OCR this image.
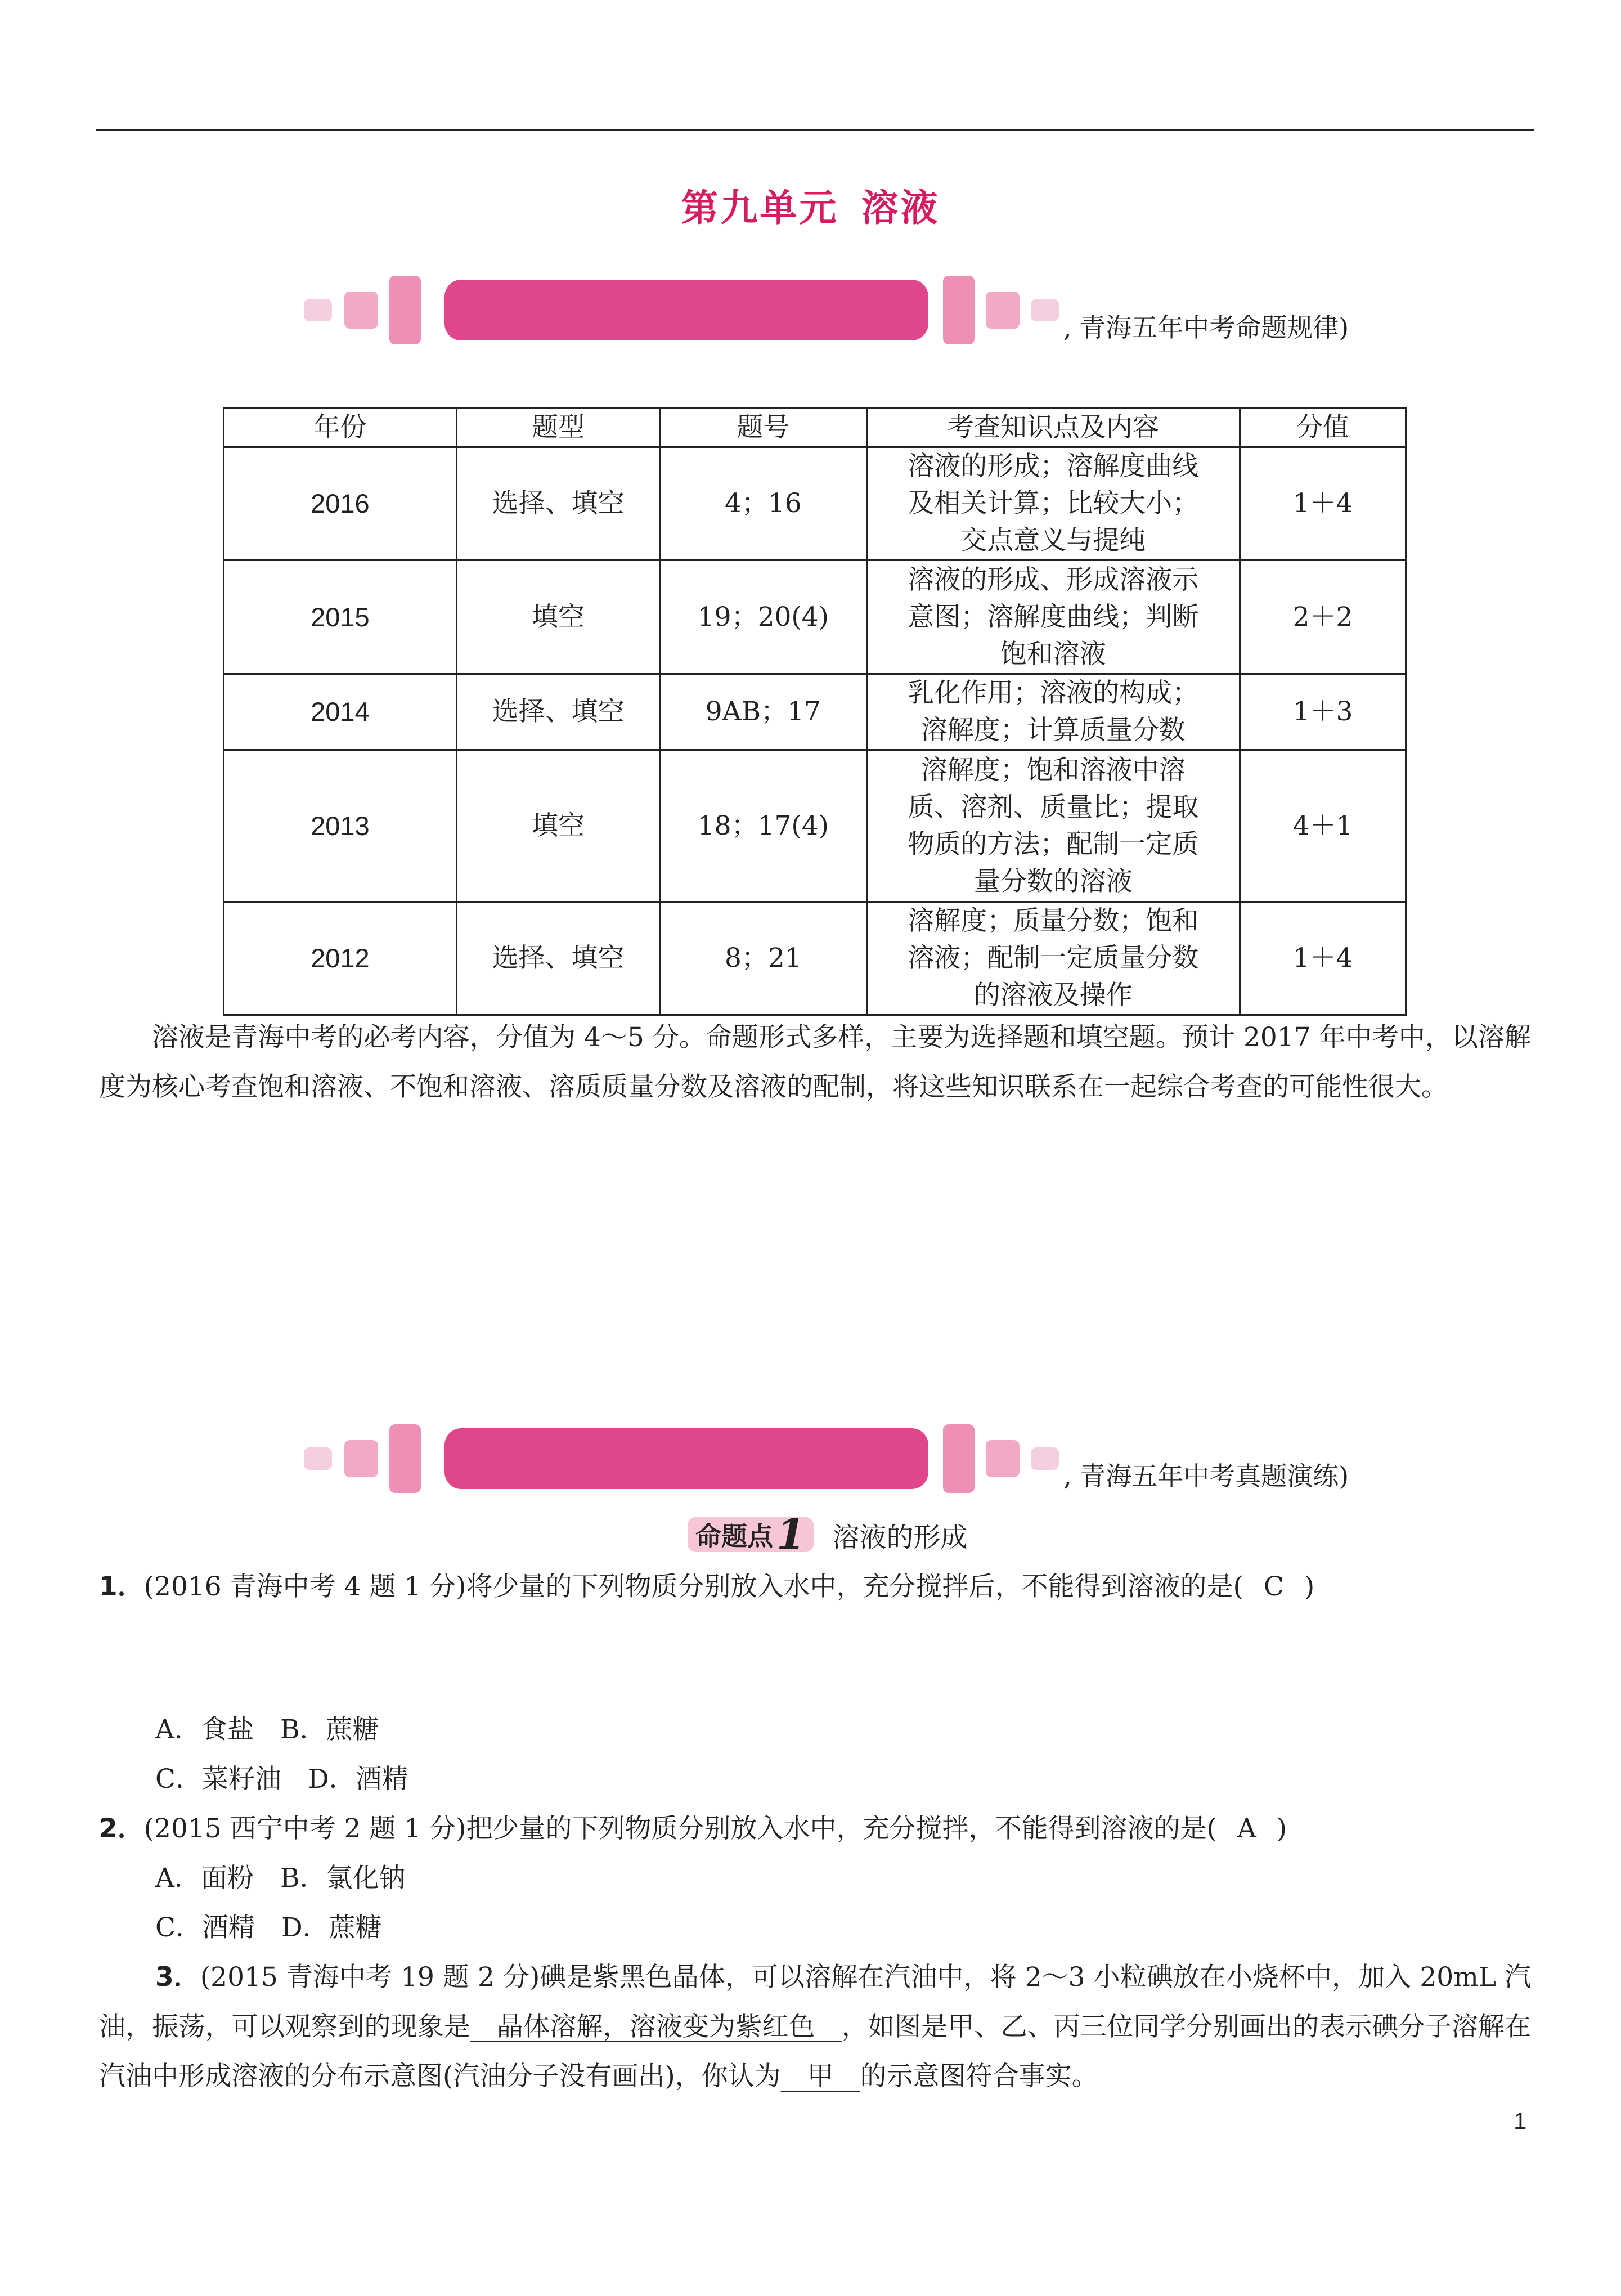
第九单元 溶液
, 青海五年中考命题规律)
年份	题型	题号	考查知识点及内容	分值
2016	选择、填空	4；16	溶液的形成；溶解度曲线
及相关计算；比较大小；
交点意义与提纯	1＋4
2015	填空	19；20(4)	溶液的形成、形成溶液示
意图；溶解度曲线；判断
饱和溶液	2＋2
2014	选择、填空	9AB；17	乳化作用；溶液的构成；
溶解度；计算质量分数	1＋3
2013	填空	18；17(4)	溶解度；饱和溶液中溶
质、溶剂、质量比；提取
物质的方法；配制一定质
量分数的溶液	4＋1
2012	选择、填空	8；21	溶解度；质量分数；饱和
溶液；配制一定质量分数
的溶液及操作	1＋4

溶液是青海中考的必考内容，分值为 4～5 分。命题形式多样，主要为选择题和填空题。预计 2017 年中考中，以溶解度为核心考查饱和溶液、不饱和溶液、溶质质量分数及溶液的配制，将这些知识联系在一起综合考查的可能性很大。

, 青海五年中考真题演练)
命题点 1 溶液的形成
1．(2016 青海中考 4 题 1 分)将少量的下列物质分别放入水中，充分搅拌后，不能得到溶液的是( C )
A．食盐　B．蔗糖
C．菜籽油　D．酒精
2．(2015 西宁中考 2 题 1 分)把少量的下列物质分别放入水中，充分搅拌，不能得到溶液的是( A )
A．面粉　B．氯化钠
C．酒精　D．蔗糖
3．(2015 青海中考 19 题 2 分)碘是紫黑色晶体，可以溶解在汽油中，将 2～3 小粒碘放在小烧杯中，加入 20mL 汽油，振荡，可以观察到的现象是　 晶体溶解，溶液变为紫红色　 ，如图是甲、乙、丙三位同学分别画出的表示碘分子溶解在汽油中形成溶液的分布示意图(汽油分子没有画出)，你认为　 甲　 的示意图符合事实。
1
